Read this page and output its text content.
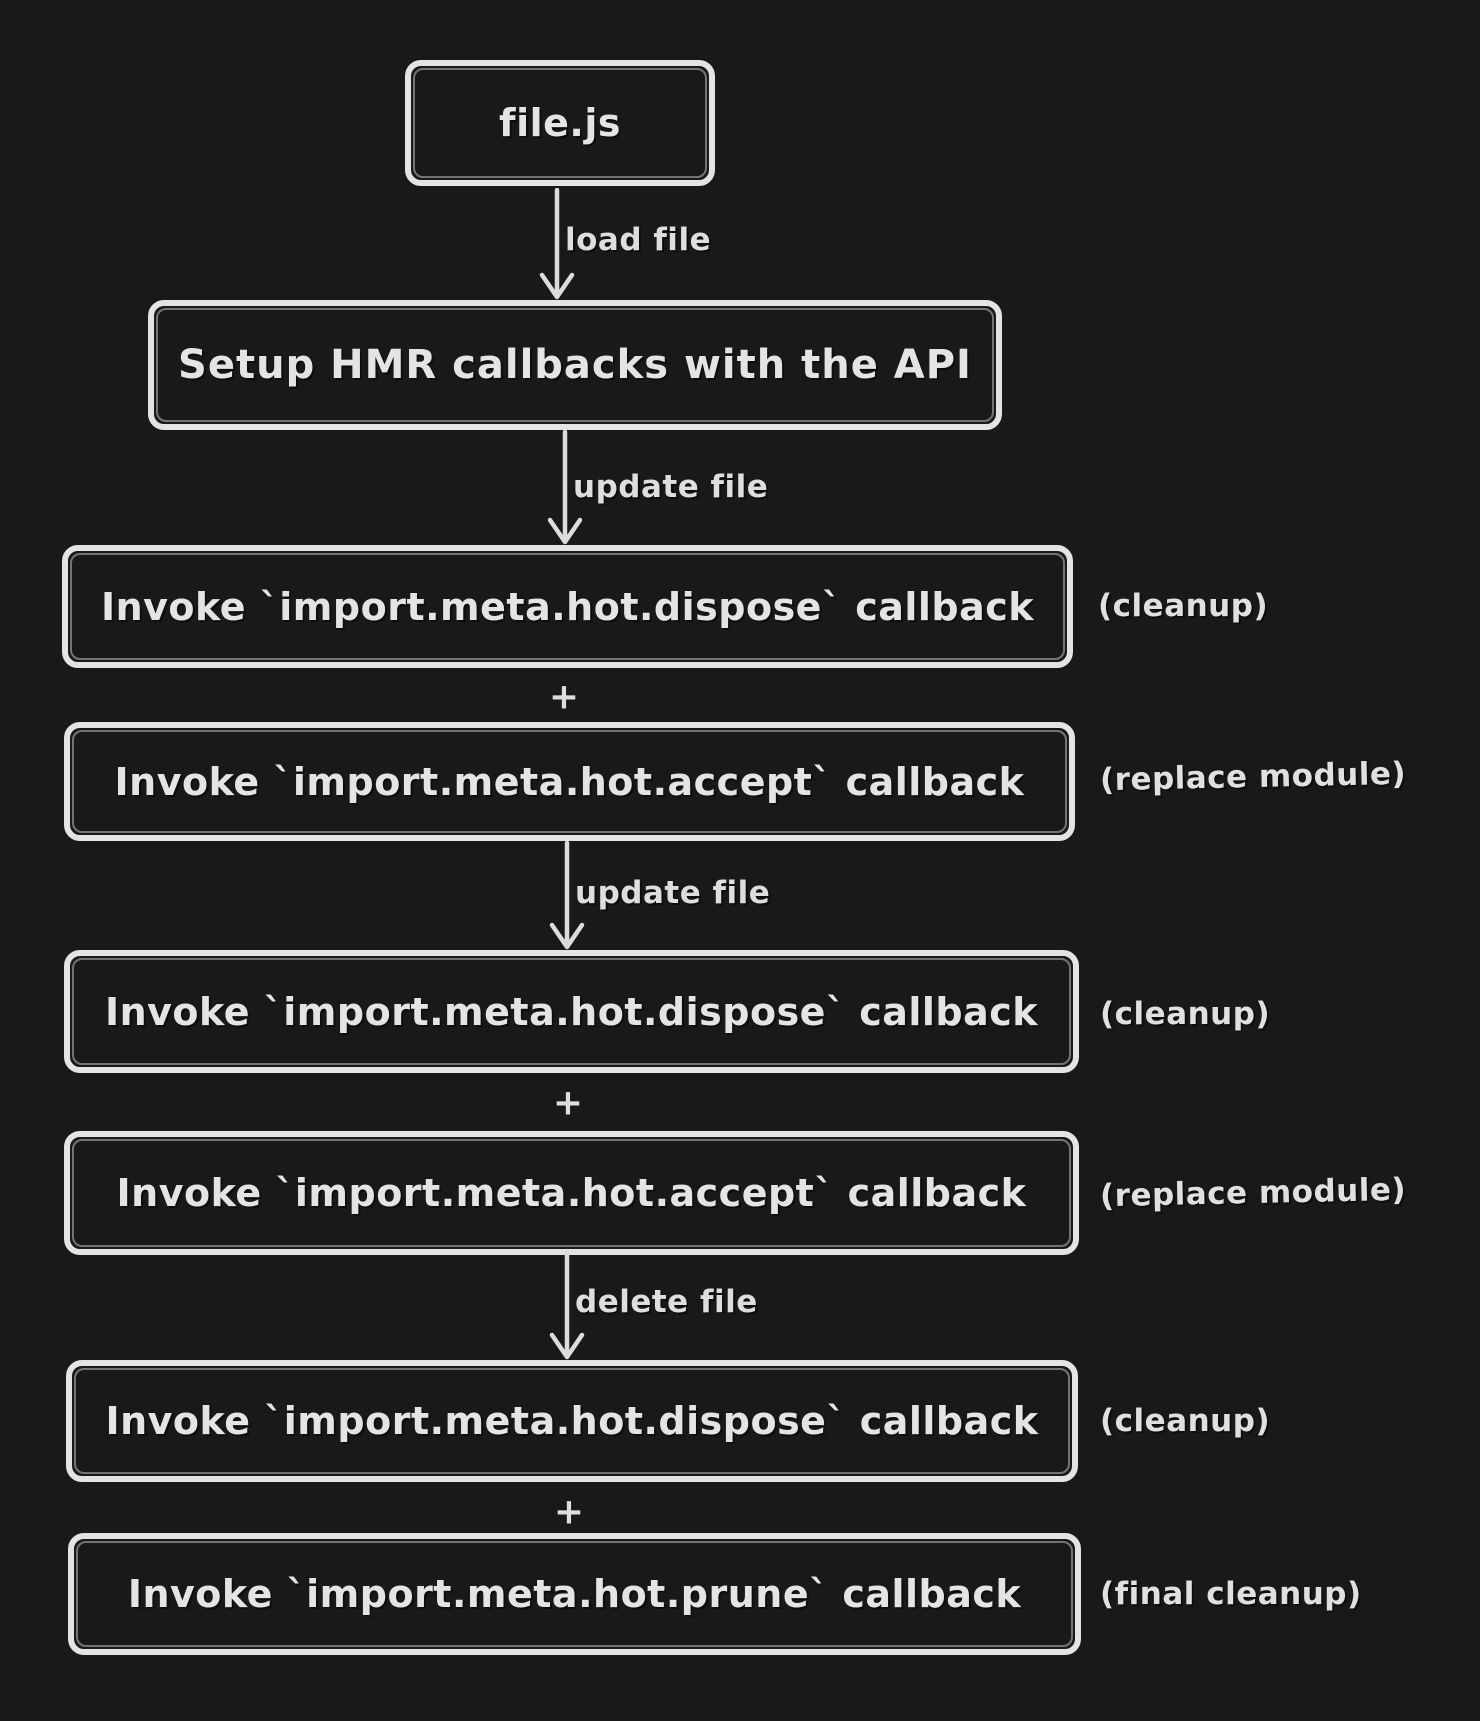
file.js
load file
Setup HMR callbacks with the API
update file
Invoke `import.meta.hot.dispose` callback (cleanup)
+
Invoke `import.meta.hot.accept` callback (replace module)
update file
Invoke `import.meta.hot.dispose` callback (cleanup)
+
Invoke `import.meta.hot.accept` callback (replace module)
delete file
Invoke `import.meta.hot.dispose` callback (cleanup)
+
Invoke `import.meta.hot.prune` callback	(final cleanup)
